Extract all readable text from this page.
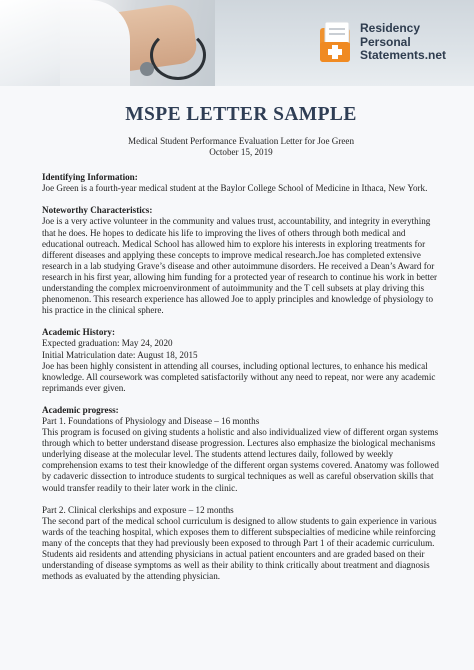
Residency
Personal
Statements.net
MSPE LETTER SAMPLE

Medical Student Performance Evaluation Letter for Joe Green

October 15, 2019

Identifying Information:

Joe Green is a fourth-year medical student at the Baylor College School of Medicine in Ithaca, New York.

Noteworthy Characteristics:

Joe is a very active volunteer in the community and values trust, accountability, and integrity in everything that he does. He hopes to dedicate his life to improving the lives of others through both medical and educational outreach. Medical School has allowed him to explore his interests in exploring treatments for different diseases and applying these concepts to improve medical research.Joe has completed extensive research in a lab studying Grave’s disease and other autoimmune disorders. He received a Dean’s Award for research in his first year, allowing him funding for a protected year of research to continue his work in better understanding the complex microenvironment of autoimmunity and the T cell subsets at play driving this phenomenon. This research experience has allowed Joe to apply principles and knowledge of physiology to his practice in the clinical sphere.

Academic History:

Expected graduation: May 24, 2020

Initial Matriculation date: August 18, 2015

Joe has been highly consistent in attending all courses, including optional lectures, to enhance his medical knowledge. All coursework was completed satisfactorily without any need to repeat, nor were any academic reprimands ever given.

Academic progress:

Part 1. Foundations of Physiology and Disease – 16 months

This program is focused on giving students a holistic and also individualized view of different organ systems through which to better understand disease progression. Lectures also emphasize the biological mechanisms underlying disease at the molecular level. The students attend lectures daily, followed by weekly comprehension exams to test their knowledge of the different organ systems covered. Anatomy was followed by cadaveric dissection to introduce students to surgical techniques as well as careful observation skills that would transfer readily to their later work in the clinic.

Part 2. Clinical clerkships and exposure – 12 months

The second part of the medical school curriculum is designed to allow students to gain experience in various wards of the teaching hospital, which exposes them to different subspecialties of medicine while reinforcing many of the concepts that they had previously been exposed to through Part 1 of their academic curriculum. Students aid residents and attending physicians in actual patient encounters and are graded based on their understanding of disease symptoms as well as their ability to think critically about treatment and diagnosis methods as evaluated by the attending physician.
